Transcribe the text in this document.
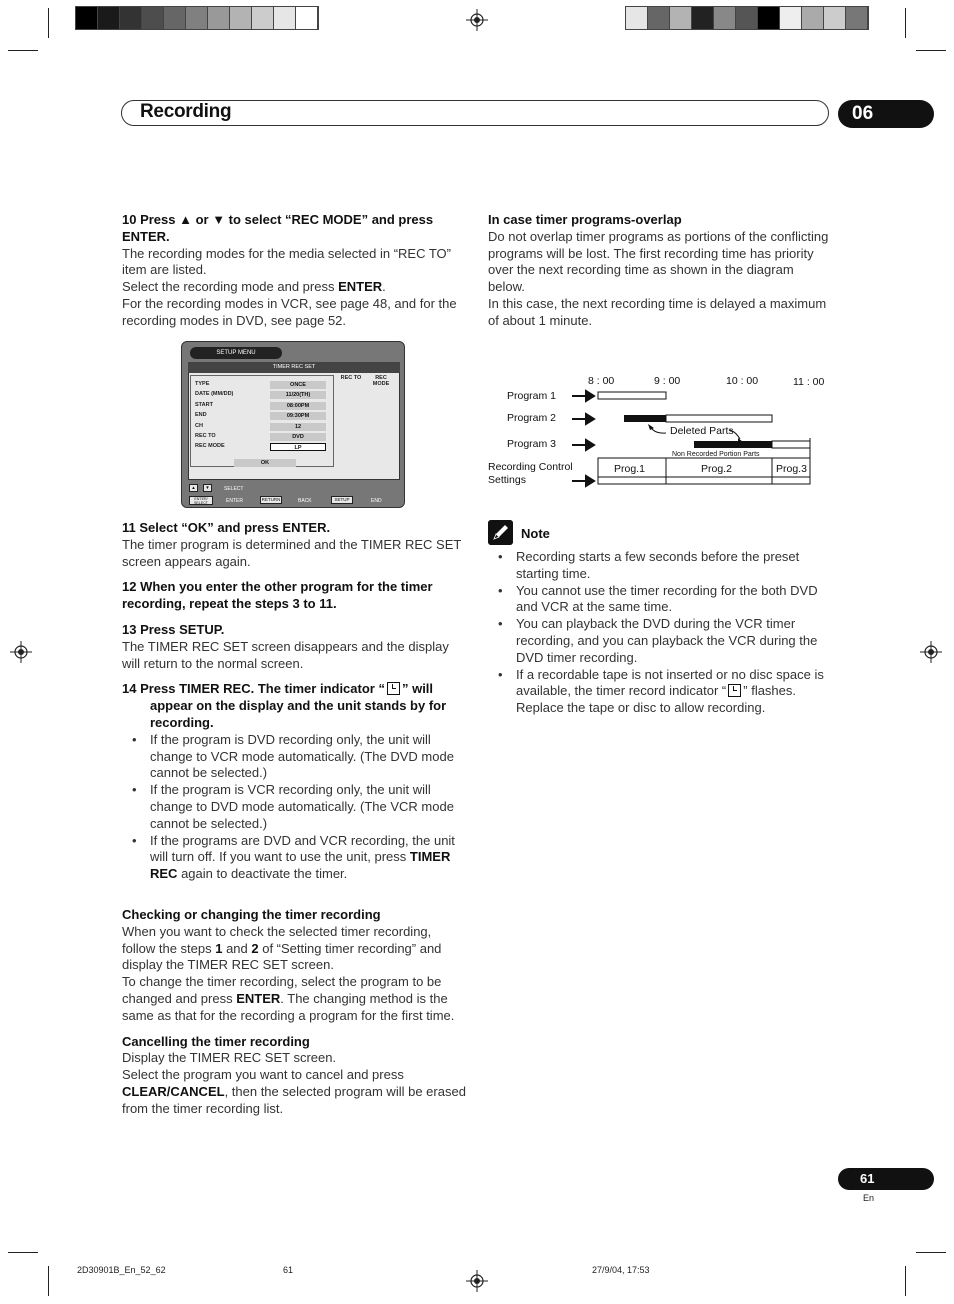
Recording	06

10 Press ▲ or ▼ to select “REC MODE” and press ENTER.

The recording modes for the media selected in “REC TO” item are listed.

Select the recording mode and press ENTER.

For the recording modes in VCR, see page 48, and for the recording modes in DVD, see page 52.

SETUP MENU
TIMER REC SET
REC TO	REC MODE
TYPE	ONCE
DATE (MM/DD)	11/20(TH)
START	08:00PM
END	09:30PM
CH	12
REC TO	DVD
REC MODE	LP
OK
▲	▼	SELECT
ENTER/ SELECT	ENTER	RETURN	BACK	SETUP	END

11 Select “OK” and press ENTER.

The timer program is determined and the TIMER REC SET screen appears again.

12 When you enter the other program for the timer recording, repeat the steps 3 to 11.

13 Press SETUP.

The TIMER REC SET screen disappears and the display will return to the normal screen.

14 Press TIMER REC. The timer indicator “ ” will appear on the display and the unit stands by for recording.

• If the program is DVD recording only, the unit will change to VCR mode automatically. (The DVD mode cannot be selected.)
• If the program is VCR recording only, the unit will change to DVD mode automatically. (The VCR mode cannot be selected.)
• If the programs are DVD and VCR recording, the unit will turn off. If you want to use the unit, press TIMER REC again to deactivate the timer.

Checking or changing the timer recording

When you want to check the selected timer recording, follow the steps 1 and 2 of “Setting timer recording” and display the TIMER REC SET screen.

To change the timer recording, select the program to be changed and press ENTER. The changing method is the same as that for the recording a program for the first time.

Cancelling the timer recording

Display the TIMER REC SET screen.

Select the program you want to cancel and press CLEAR/CANCEL, then the selected program will be erased from the timer recording list.

In case timer programs-overlap

Do not overlap timer programs as portions of the conflicting programs will be lost. The first recording time has priority over the next recording time as shown in the diagram below.

In this case, the next recording time is delayed a maximum of about 1 minute.

8 : 00	9 : 00	10 : 00	11 : 00
Program 1
Program 2
Program 3
Recording Control Settings
Deleted Parts
Non Recorded Portion Parts
Prog.1	Prog.2	Prog.3
Note
• Recording starts a few seconds before the preset starting time.
• You cannot use the timer recording for the both DVD and VCR at the same time.
• You can playback the DVD during the VCR timer recording, and you can playback the VCR during the DVD timer recording.
• If a recordable tape is not inserted or no disc space is available, the timer record indicator “ ” flashes. Replace the tape or disc to allow recording.
61
En
2D30901B_En_52_62	61	27/9/04, 17:53
